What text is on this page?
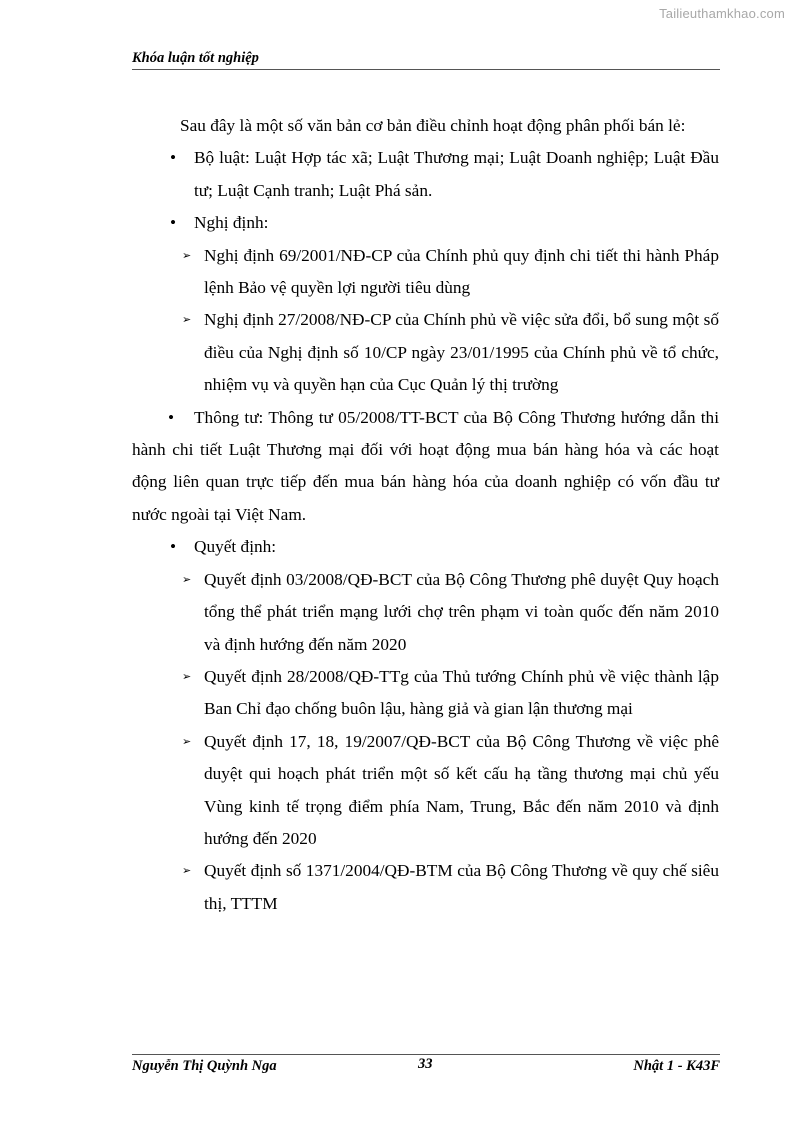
Tailieuthamkhao.com
Khóa luận tốt nghiệp

Sau đây là một số văn bản cơ bản điều chỉnh hoạt động phân phối bán lẻ:

• Bộ luật: Luật Hợp tác xã; Luật Thương mại; Luật Doanh nghiệp; Luật Đầu tư; Luật Cạnh tranh; Luật Phá sản.

• Nghị định:

➢ Nghị định 69/2001/NĐ-CP của Chính phủ quy định chi tiết thi hành Pháp lệnh Bảo vệ quyền lợi người tiêu dùng

➢ Nghị định 27/2008/NĐ-CP của Chính phủ về việc sửa đổi, bổ sung một số điều của Nghị định số 10/CP ngày 23/01/1995 của Chính phủ về tổ chức, nhiệm vụ và quyền hạn của Cục Quản lý thị trường

• Thông tư: Thông tư 05/2008/TT-BCT của Bộ Công Thương hướng dẫn thi hành chi tiết Luật Thương mại đối với hoạt động mua bán hàng hóa và các hoạt động liên quan trực tiếp đến mua bán hàng hóa của doanh nghiệp có vốn đầu tư nước ngoài tại Việt Nam.

• Quyết định:

➢ Quyết định 03/2008/QĐ-BCT của Bộ Công Thương phê duyệt Quy hoạch tổng thể phát triển mạng lưới chợ trên phạm vi toàn quốc đến năm 2010 và định hướng đến năm 2020

➢ Quyết định 28/2008/QĐ-TTg của Thủ tướng Chính phủ về việc thành lập Ban Chỉ đạo chống buôn lậu, hàng giả và gian lận thương mại

➢ Quyết định 17, 18, 19/2007/QĐ-BCT của Bộ Công Thương về việc phê duyệt qui hoạch phát triển một số kết cấu hạ tầng thương mại chủ yếu Vùng kinh tế trọng điểm phía Nam, Trung, Bắc đến năm 2010 và định hướng đến 2020

➢ Quyết định số 1371/2004/QĐ-BTM của Bộ Công Thương về quy chế siêu thị, TTTM

Nguyễn Thị Quỳnh Nga	33	Nhật 1 - K43F
